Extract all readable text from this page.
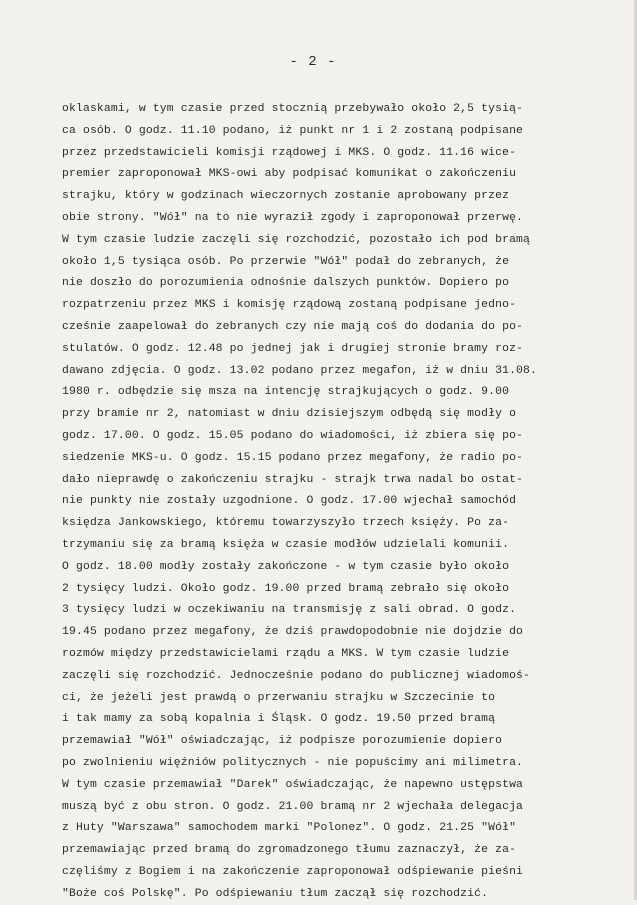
- 2 -
oklaskami, w tym czasie przed stocznią przebywało około 2,5 tysią-
ca osób. O godz. 11.10 podano, iż punkt nr 1 i 2 zostaną podpisane
przez przedstawicieli komisji rządowej i MKS. O godz. 11.16 wice-
premier zaproponował MKS-owi aby podpisać komunikat o zakończeniu
strajku, który w godzinach wieczornych zostanie aprobowany przez
obie strony. "Wół" na to nie wyraził zgody i zaproponował przerwę.
W tym czasie ludzie zaczęli się rozchodzić, pozostało ich pod bramą
około 1,5 tysiąca osób. Po przerwie "Wół" podał do zebranych, że
nie doszło do porozumienia odnośnie dalszych punktów. Dopiero po
rozpatrzeniu przez MKS i komisję rządową zostaną podpisane jedno-
cześnie zaapelował do zebranych czy nie mają coś do dodania do po-
stulatów. O godz. 12.48 po jednej jak i drugiej stronie bramy roz-
dawano zdjęcia. O godz. 13.02 podano przez megafon, iż w dniu 31.08.
1980 r. odbędzie się msza na intencję strajkujących o godz. 9.00
przy bramie nr 2, natomiast w dniu dzisiejszym odbędą się modły o
godz. 17.00. O godz. 15.05 podano do wiadomości, iż zbiera się po-
siedzenie MKS-u. O godz. 15.15 podano przez megafony, że radio po-
dało nieprawdę o zakończeniu strajku - strajk trwa nadal bo ostat-
nie punkty nie zostały uzgodnione. O godz. 17.00 wjechał samochód
księdza Jankowskiego, któremu towarzyszyło trzech księży. Po za-
trzymaniu się za bramą księża w czasie modłów udzielali komunii.
O godz. 18.00 modły zostały zakończone - w tym czasie było około
2 tysięcy ludzi. Około godz. 19.00 przed bramą zebrało się około
3 tysięcy ludzi w oczekiwaniu na transmisję z sali obrad. O godz.
19.45 podano przez megafony, że dziś prawdopodobnie nie dojdzie do
rozmów między przedstawicielami rządu a MKS. W tym czasie ludzie
zaczęli się rozchodzić. Jednocześnie podano do publicznej wiadomoś-
ci, że jeżeli jest prawdą o przerwaniu strajku w Szczecinie to
i tak mamy za sobą kopalnia i Śląsk. O godz. 19.50 przed bramą
przemawiał "Wół" oświadczając, iż podpisze porozumienie dopiero
po zwolnieniu więźniów politycznych - nie popuścimy ani milimetra.
W tym czasie przemawiał "Darek" oświadczając, że napewno ustępstwa
muszą być z obu stron. O godz. 21.00 bramą nr 2 wjechała delegacja
z Huty "Warszawa" samochodem marki "Polonez". O godz. 21.25 "Wół"
przemawiając przed bramą do zgromadzonego tłumu zaznaczył, że za-
częliśmy z Bogiem i na zakończenie zaproponował odśpiewanie pieśni
"Boże coś Polskę". Po odśpiewaniu tłum zaczął się rozchodzić.
